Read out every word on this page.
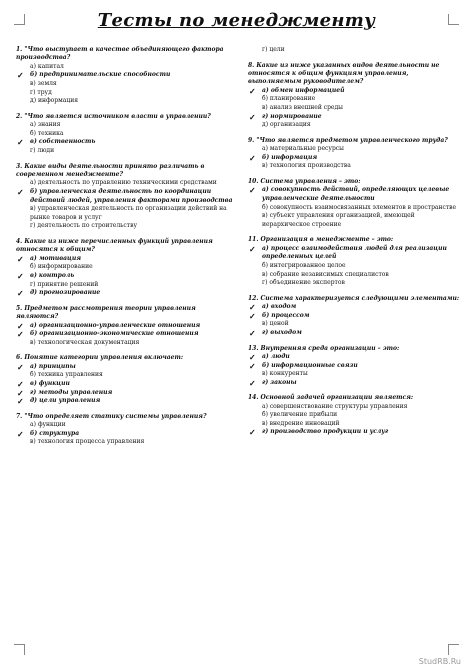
Тесты по менеджменту
1. "Что выступает в качестве объединяющего фактора производства?
а) капитал
✓ б) предпринимательские способности
в) земля
г) труд
д) информация
2. "Что является источником власти в управлении?
а) знания
б) техника
✓ в) собственность
г) люди
3. Какие виды деятельности принято различать в современном менеджменте?
а) деятельность по управлению техническими средствами
✓ б) управленческая деятельность по координации действий людей, управления факторами производства
в) управленческая деятельность по организации действий на рынке товаров и услуг
г) деятельность по строительству
4. Какие из ниже перечисленных функций управления относятся к общим?
✓ а) мотивация
б) информирование
✓ в) контроль
г) принятие решений
✓ д) прогнозирование
5. Предметом рассмотрения теории управления являются?
✓ а) организационно-управленческие отношения
✓ б) организационно-экономические отношения
в) технологическая документация
6. Понятие категории управления включает:
✓ а) принципы
б) техника управления
✓ в) функции
✓ г) методы управления
✓ д) цели управления
7. "Что определяет статику системы управления?
а) функции
✓ б) структура
в) технология процесса управления
г) цели
8. Какие из ниже указанных видов деятельности не относятся к общим функциям управления, выполняемым руководителем?
✓ а) обмен информацией
б) планирование
в) анализ внешней среды
✓ г) нормирование
д) организация
9. "Что является предметом управленческого труда?
а) материальные ресурсы
✓ б) информация
в) технология производства
10. Система управления – это:
✓ а) совокупность действий, определяющих целевые управленческие деятельности
б) совокупность взаимосвязанных элементов в пространстве
в) субъект управления организацией, имеющей иерархическое строение
11. Организация в менеджменте – это:
✓ а) процесс взаимодействия людей для реализации определенных целей
б) интегрированное целое
в) собрание независимых специалистов
г) объединение экспертов
12. Система характеризуется следующими элементами:
✓ а) входом
✓ б) процессом
в) ценой
✓ г) выходом
13. Внутренняя среда организации – это:
✓ а) люди
✓ б) информационные связи
в) конкуренты
✓ г) законы
14. Основной задачей организации является:
а) совершенствование структуры управления
б) увеличение прибыли
в) внедрение инноваций
✓ г) производство продукции и услуг
StudRB.Ru
